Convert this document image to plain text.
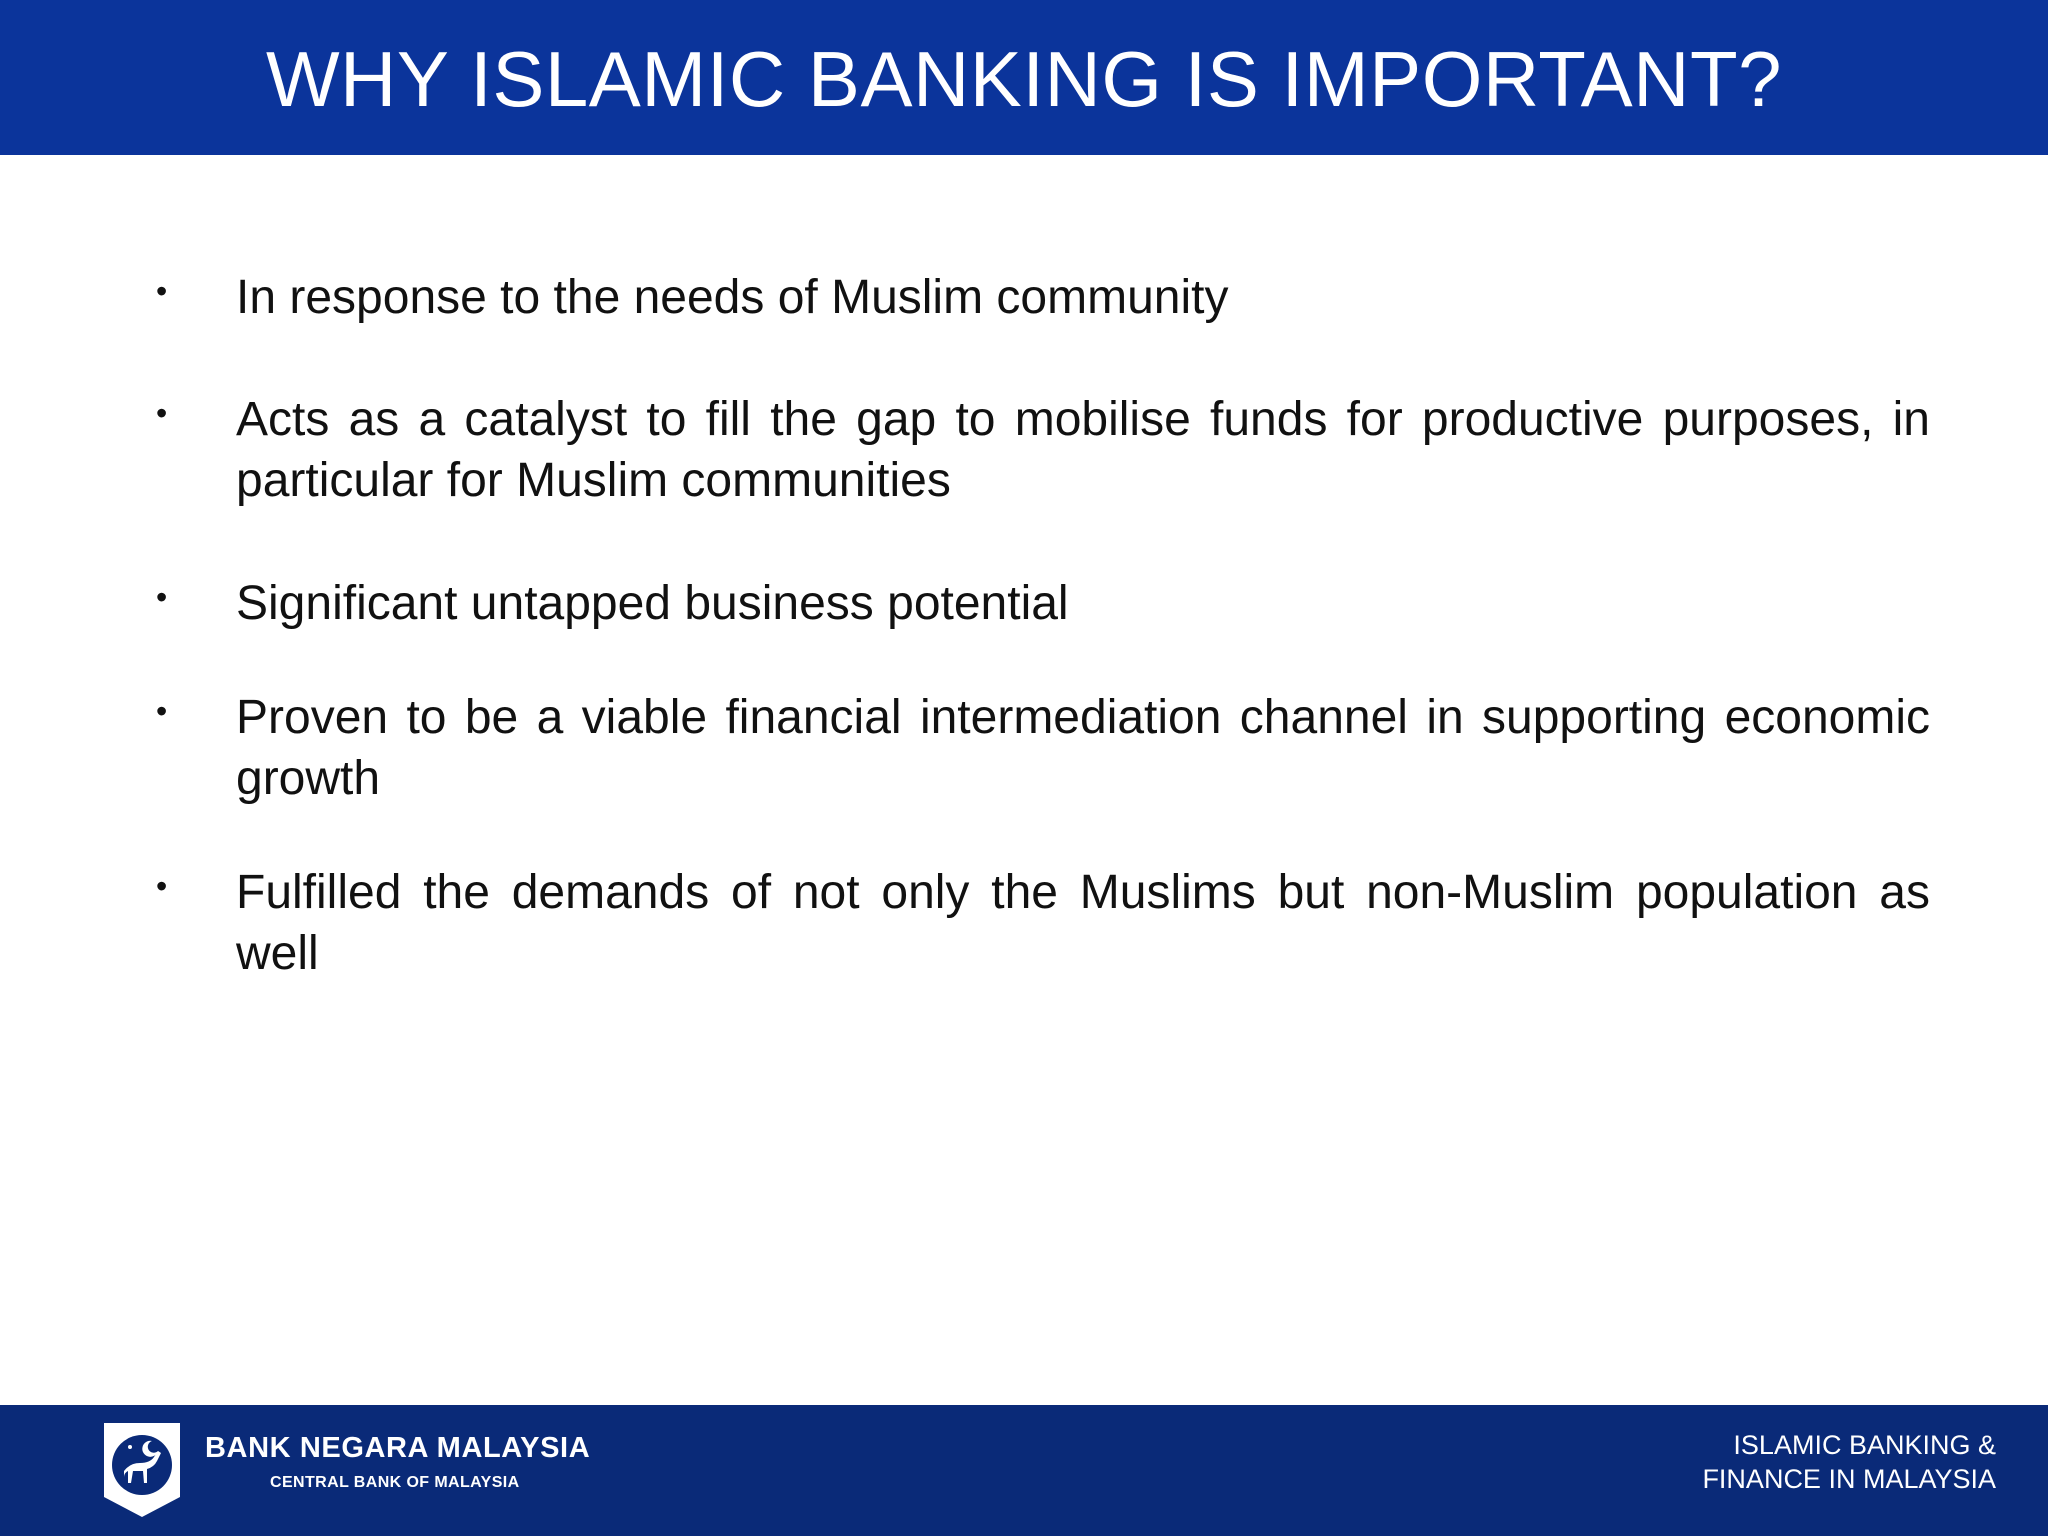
WHY ISLAMIC BANKING IS IMPORTANT?
• In response to the needs of Muslim community
• Acts as a catalyst to fill the gap to mobilise funds for productive purposes, in particular for Muslim communities
• Significant untapped business potential
• Proven to be a viable financial intermediation channel in supporting economic growth
• Fulfilled the demands of not only the Muslims but non-Muslim population as well
BANK NEGARA MALAYSIA
CENTRAL BANK OF MALAYSIA
ISLAMIC BANKING &
FINANCE IN MALAYSIA
